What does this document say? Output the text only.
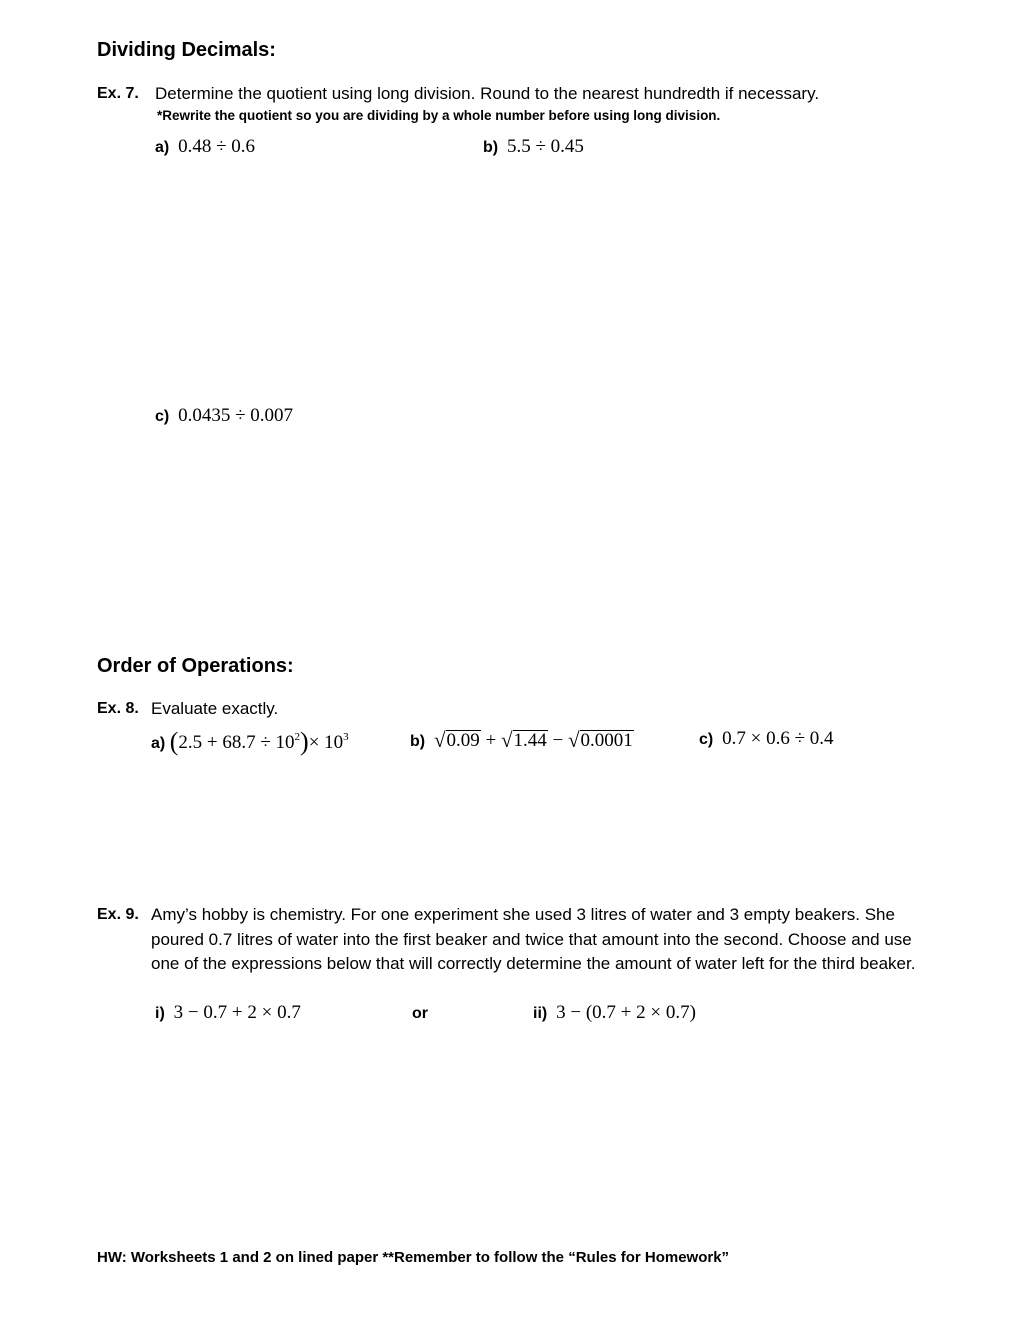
Dividing Decimals:
Ex. 7. Determine the quotient using long division. Round to the nearest hundredth if necessary.
*Rewrite the quotient so you are dividing by a whole number before using long division.
a) 0.48 ÷ 0.6	b) 5.5 ÷ 0.45
c) 0.0435 ÷ 0.007
Order of Operations:
Ex. 8. Evaluate exactly.
a) $(2.5 + 68.7 \div 10^2)\times 10^3$	b) √0.09 + √1.44 − √0.0001	c) 0.7 × 0.6 ÷ 0.4
Ex. 9. Amy’s hobby is chemistry. For one experiment she used 3 litres of water and 3 empty beakers. She poured 0.7 litres of water into the first beaker and twice that amount into the second. Choose and use one of the expressions below that will correctly determine the amount of water left for the third beaker.
i) 3 − 0.7 + 2 × 0.7	or	ii) 3 − (0.7 + 2 × 0.7)
HW: Worksheets 1 and 2 on lined paper **Remember to follow the “Rules for Homework”
